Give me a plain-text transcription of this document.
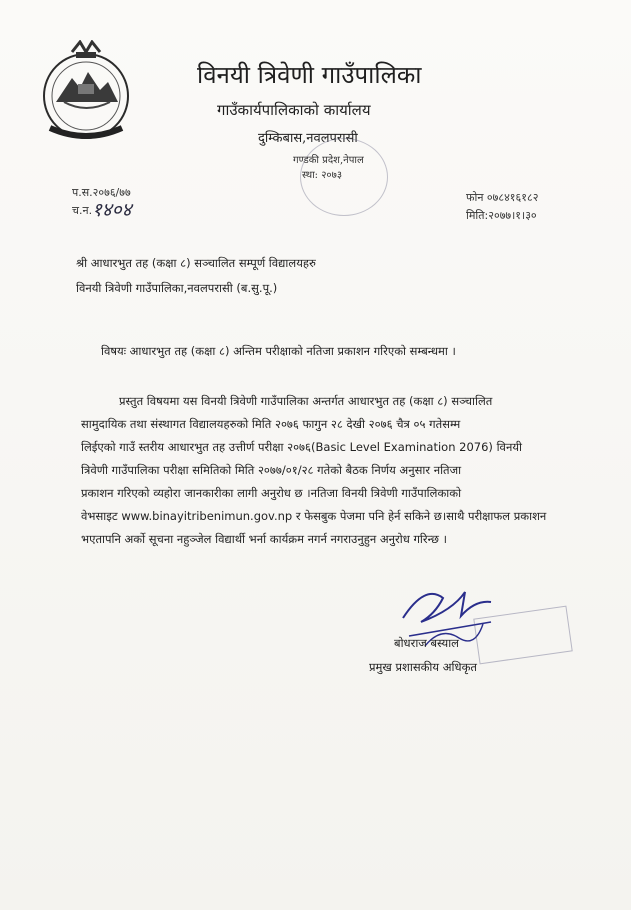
विनयी त्रिवेणी गाउँपालिका
गाउँकार्यपालिकाको कार्यालय
दुम्किबास,नवलपरासी
गण्डकी प्रदेश,नेपाल
स्था: २०७३
प.स.२०७६/७७
च.न. १४०४
फोन ०७८४१६१८२
मिति:२०७७।१।३०
श्री आधारभुत तह (कक्षा ८) सञ्चालित सम्पूर्ण विद्यालयहरु
विनयी त्रिवेणी गाउँपालिका,नवलपरासी (ब.सु.पू.)
विषयः आधारभुत तह (कक्षा ८) अन्तिम परीक्षाको नतिजा प्रकाशन गरिएको सम्बन्धमा ।
प्रस्तुत विषयमा यस विनयी त्रिवेणी गाउँपालिका अन्तर्गत आधारभुत तह (कक्षा ८) सञ्चालित
सामुदायिक तथा संस्थागत विद्यालयहरुको मिति २०७६ फागुन २८ देखी २०७६ चैत्र ०५ गतेसम्म
लिईएको गाउँ स्तरीय आधारभुत तह उत्तीर्ण परीक्षा २०७६(Basic Level Examination 2076) विनयी
त्रिवेणी गाउँपालिका परीक्षा समितिको मिति २०७७/०१/२८ गतेको बैठक निर्णय अनुसार नतिजा
प्रकाशन गरिएको व्यहोरा जानकारीका लागी अनुरोध छ ।नतिजा विनयी त्रिवेणी गाउँपालिकाको
वेभसाइट www.binayitribenimun.gov.np र फेसबुक पेजमा पनि हेर्न सकिने छ।साथै परीक्षाफल प्रकाशन
भएतापनि अर्को सूचना नहुञ्जेल विद्यार्थी भर्ना कार्यक्रम नगर्न नगराउनुहुन अनुरोध गरिन्छ ।
बोधराज बस्याल
प्रमुख प्रशासकीय अधिकृत
